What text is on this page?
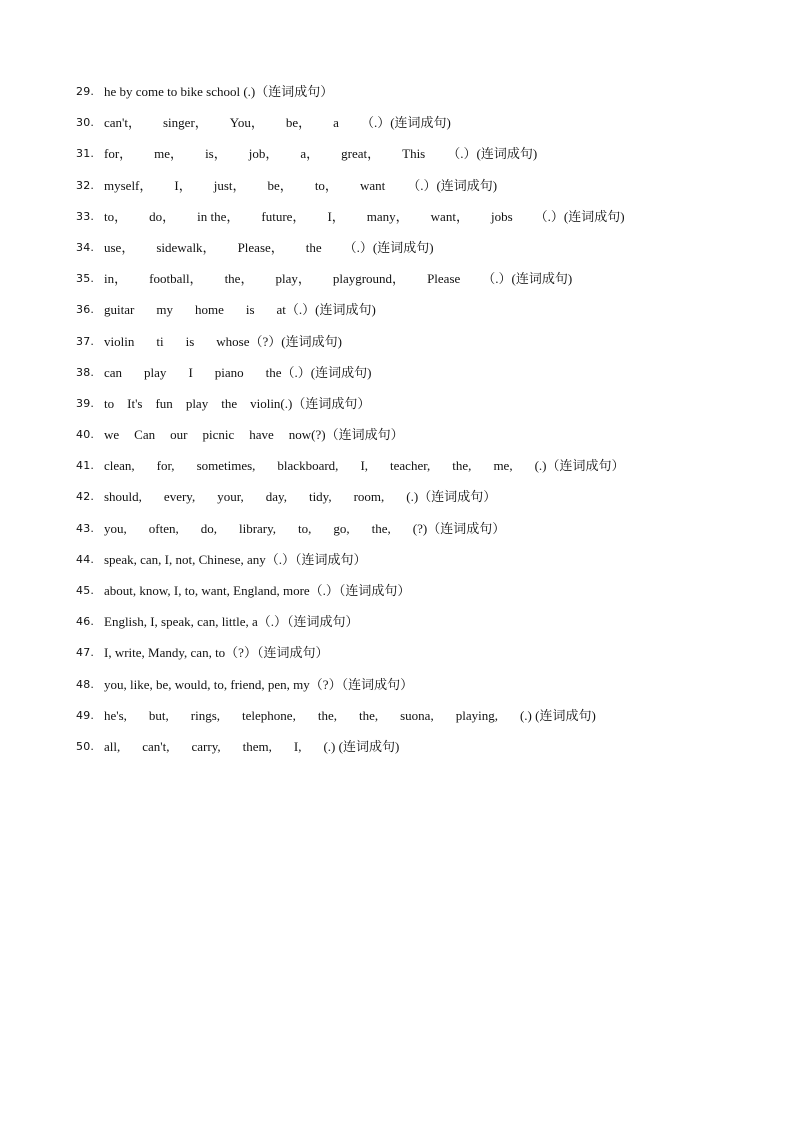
29. he by come to bike school (.)（连词成句）
30. can't， singer， You， be， a （.）(连词成句)
31. for， me， is， job， a， great， This （.）(连词成句)
32. myself， I， just， be， to， want （.）(连词成句)
33. to， do， in the， future， I， many， want， jobs （.）(连词成句)
34. use， sidewalk， Please， the （.）(连词成句)
35. in， football， the， play， playground， Please （.）(连词成句)
36. guitar my home is at（.）(连词成句)
37. violin ti is whose（?）(连词成句)
38. can play I piano the（.）(连词成句)
39. to It's fun play the violin(.)（连词成句）
40. we Can our picnic have now(?)（连词成句）
41. clean, for, sometimes, blackboard, I, teacher, the, me, (.)（连词成句）
42. should, every, your, day, tidy, room, (.)（连词成句）
43. you, often, do, library, to, go, the, (?)（连词成句）
44. speak, can, I, not, Chinese, any（.）（连词成句）
45. about, know, I, to, want, England, more（.）（连词成句）
46. English, I, speak, can, little, a（.）（连词成句）
47. I, write, Mandy, can, to（?）（连词成句）
48. you, like, be, would, to, friend, pen, my（?）（连词成句）
49. he's, but, rings, telephone, the, the, suona, playing, (.) (连词成句)
50. all, can't, carry, them, I, (.) (连词成句)
